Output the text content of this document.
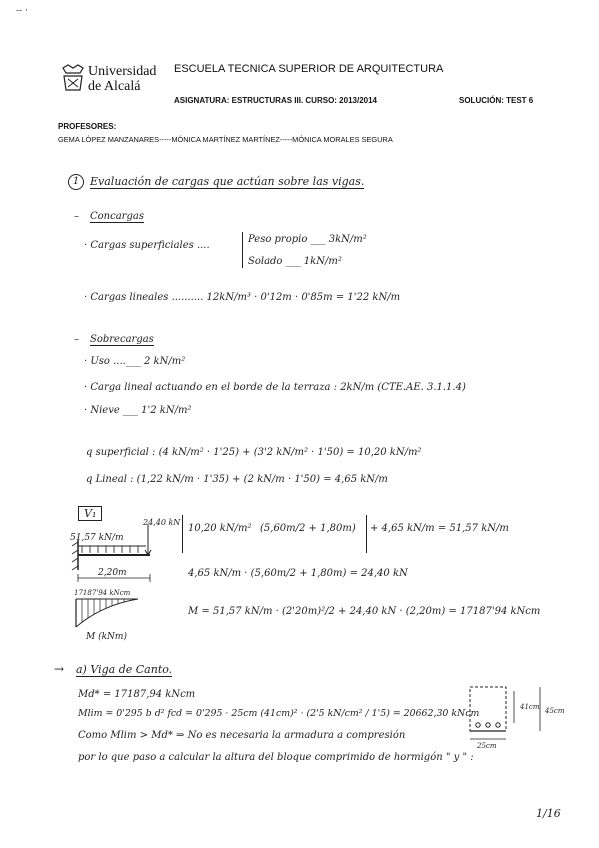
-- ·
Universidad
de Alcalá
ESCUELA TECNICA SUPERIOR DE ARQUITECTURA
ASIGNATURA: ESTRUCTURAS III. CURSO: 2013/2014	SOLUCIÓN: TEST 6
PROFESORES:
GEMA LÓPEZ MANZANARES-----MÓNICA MARTÍNEZ MARTÍNEZ-----MÓNICA MORALES SEGURA
1 Evaluación de cargas que actúan sobre las vigas.
– Concargas
· Cargas superficiales ....
Peso propio ___ 3kN/m²
Solado ___ 1kN/m²
· Cargas lineales .......... 12kN/m³ · 0'12m · 0'85m = 1'22 kN/m
– Sobrecargas
· Uso ....___ 2 kN/m²
· Carga lineal actuando en el borde de la terraza : 2kN/m (CTE.AE. 3.1.1.4)
· Nieve ___ 1'2 kN/m²
q superficial : (4 kN/m² · 1'25) + (3'2 kN/m² · 1'50) = 10,20 kN/m²
q Lineal : (1,22 kN/m · 1'35) + (2 kN/m · 1'50) = 4,65 kN/m
V₁
51,57 kN/m
24,40 kN
2,20m
17187'94 kNcm
M (kNm)
10,20 kN/m² (5,60m/2 + 1,80m) + 4,65 kN/m = 51,57 kN/m
4,65 kN/m · (5,60m/2 + 1,80m) = 24,40 kN
M = 51,57 kN/m · (2'20m)²/2 + 24,40 kN · (2,20m) = 17187'94 kNcm
→ a) Viga de Canto.
Md* = 17187,94 kNcm
Mlim = 0'295 b d² fcd = 0'295 · 25cm (41cm)² · (2'5 kN/cm² / 1'5) = 20662,30 kNcm
Como Mlim > Md* ⇒ No es necesaria la armadura a compresión
por lo que paso a calcular la altura del bloque comprimido de hormigón " y " :
41cm 45cm
25cm
1/16
